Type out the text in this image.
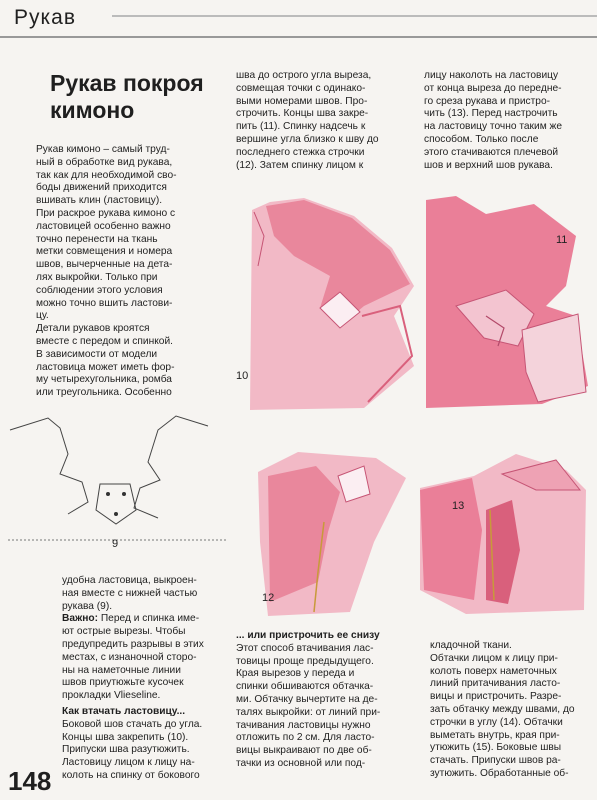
Рукав
Рукав покроя
кимоно
Рукав кимоно – самый труд-
ный в обработке вид рукава,
так как для необходимой сво-
боды движений приходится
вшивать клин (ластовицу).
При раскрое рукава кимоно с
ластовицей особенно важно
точно перенести на ткань
метки совмещения и номера
швов, вычерченные на дета-
лях выкройки. Только при
соблюдении этого условия
можно точно вшить ластови-
цу.
Детали рукавов кроятся
вместе с передом и спинкой.
В зависимости от модели
ластовица может иметь фор-
му четырехугольника, ромба
или треугольника. Особенно
9
удобна ластовица, выкроен-
ная вместе с нижней частью
рукава (9).
Важно: Перед и спинка име-
ют острые вырезы. Чтобы
предупредить разрывы в этих
местах, с изнаночной сторо-
ны на наметочные линии
швов приутюжьте кусочек
прокладки Vlieseline.
Как втачать ластовицу...
Боковой шов стачать до угла.
Концы шва закрепить (10).
Припуски шва разутюжить.
Ластовицу лицом к лицу на-
колоть на спинку от бокового
шва до острого угла выреза,
совмещая точки с одинако-
выми номерами швов. Про-
строчить. Концы шва закре-
пить (11). Спинку надсечь к
вершине угла близко к шву до
последнего стежка строчки
(12). Затем спинку лицом к
лицу наколоть на ластовицу
от конца выреза до передне-
го среза рукава и пристро-
чить (13). Перед настрочить
на ластовицу точно таким же
способом. Только после
этого стачиваются плечевой
шов и верхний шов рукава.
10
11
12
13
... или пристрочить ее снизу
Этот способ втачивания лас-
товицы проще предыдущего.
Края вырезов у переда и
спинки обшиваются обтачка-
ми. Обтачку вычертите на де-
талях выкройки: от линий при-
тачивания ластовицы нужно
отложить по 2 см. Для ласто-
вицы выкраивают по две об-
тачки из основной или под-
кладочной ткани.
Обтачки лицом к лицу при-
колоть поверх наметочных
линий притачивания ласто-
вицы и пристрочить. Разре-
зать обтачку между швами, до
строчки в углу (14). Обтачки
выметать внутрь, края при-
утюжить (15). Боковые швы
стачать. Припуски швов ра-
зутюжить. Обработанные об-
148
